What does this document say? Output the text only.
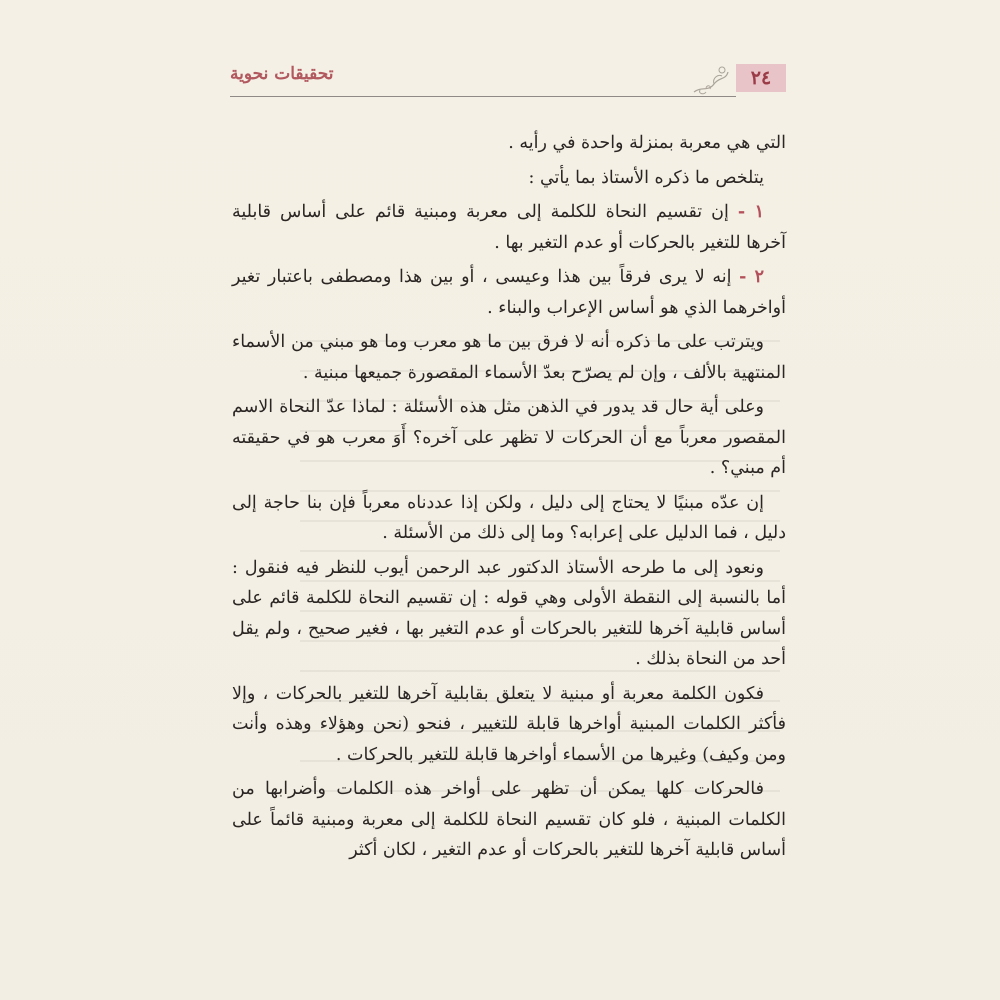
تحقيقات نحوية	٢٤

التي هي معربة بمنزلة واحدة في رأيه .

يتلخص ما ذكره الأستاذ بما يأتي :

١ - إن تقسيم النحاة للكلمة إلى معربة ومبنية قائم على أساس قابلية آخرها للتغير بالحركات أو عدم التغير بها .

٢ - إنه لا يرى فرقاً بين هذا وعيسى ، أو بين هذا ومصطفى باعتبار تغير أواخرهما الذي هو أساس الإعراب والبناء .

ويترتب على ما ذكره أنه لا فرق بين ما هو معرب وما هو مبني من الأسماء المنتهية بالألف ، وإن لم يصرّح بعدّ الأسماء المقصورة جميعها مبنية .

وعلى أية حال قد يدور في الذهن مثل هذه الأسئلة : لماذا عدّ النحاة الاسم المقصور معرباً مع أن الحركات لا تظهر على آخره؟ أَوَ معرب هو في حقيقته أم مبني؟ .

إن عدّه مبنيًا لا يحتاج إلى دليل ، ولكن إذا عددناه معرباً فإن بنا حاجة إلى دليل ، فما الدليل على إعرابه؟ وما إلى ذلك من الأسئلة .

ونعود إلى ما طرحه الأستاذ الدكتور عبد الرحمن أيوب للنظر فيه فنقول : أما بالنسبة إلى النقطة الأولى وهي قوله : إن تقسيم النحاة للكلمة قائم على أساس قابلية آخرها للتغير بالحركات أو عدم التغير بها ، فغير صحيح ، ولم يقل أحد من النحاة بذلك .

فكون الكلمة معربة أو مبنية لا يتعلق بقابلية آخرها للتغير بالحركات ، وإلا فأكثر الكلمات المبنية أواخرها قابلة للتغيير ، فنحو (نحن وهؤلاء وهذه وأنت ومن وكيف) وغيرها من الأسماء أواخرها قابلة للتغير بالحركات .

فالحركات كلها يمكن أن تظهر على أواخر هذه الكلمات وأضرابها من الكلمات المبنية ، فلو كان تقسيم النحاة للكلمة إلى معربة ومبنية قائماً على أساس قابلية آخرها للتغير بالحركات أو عدم التغير ، لكان أكثر
